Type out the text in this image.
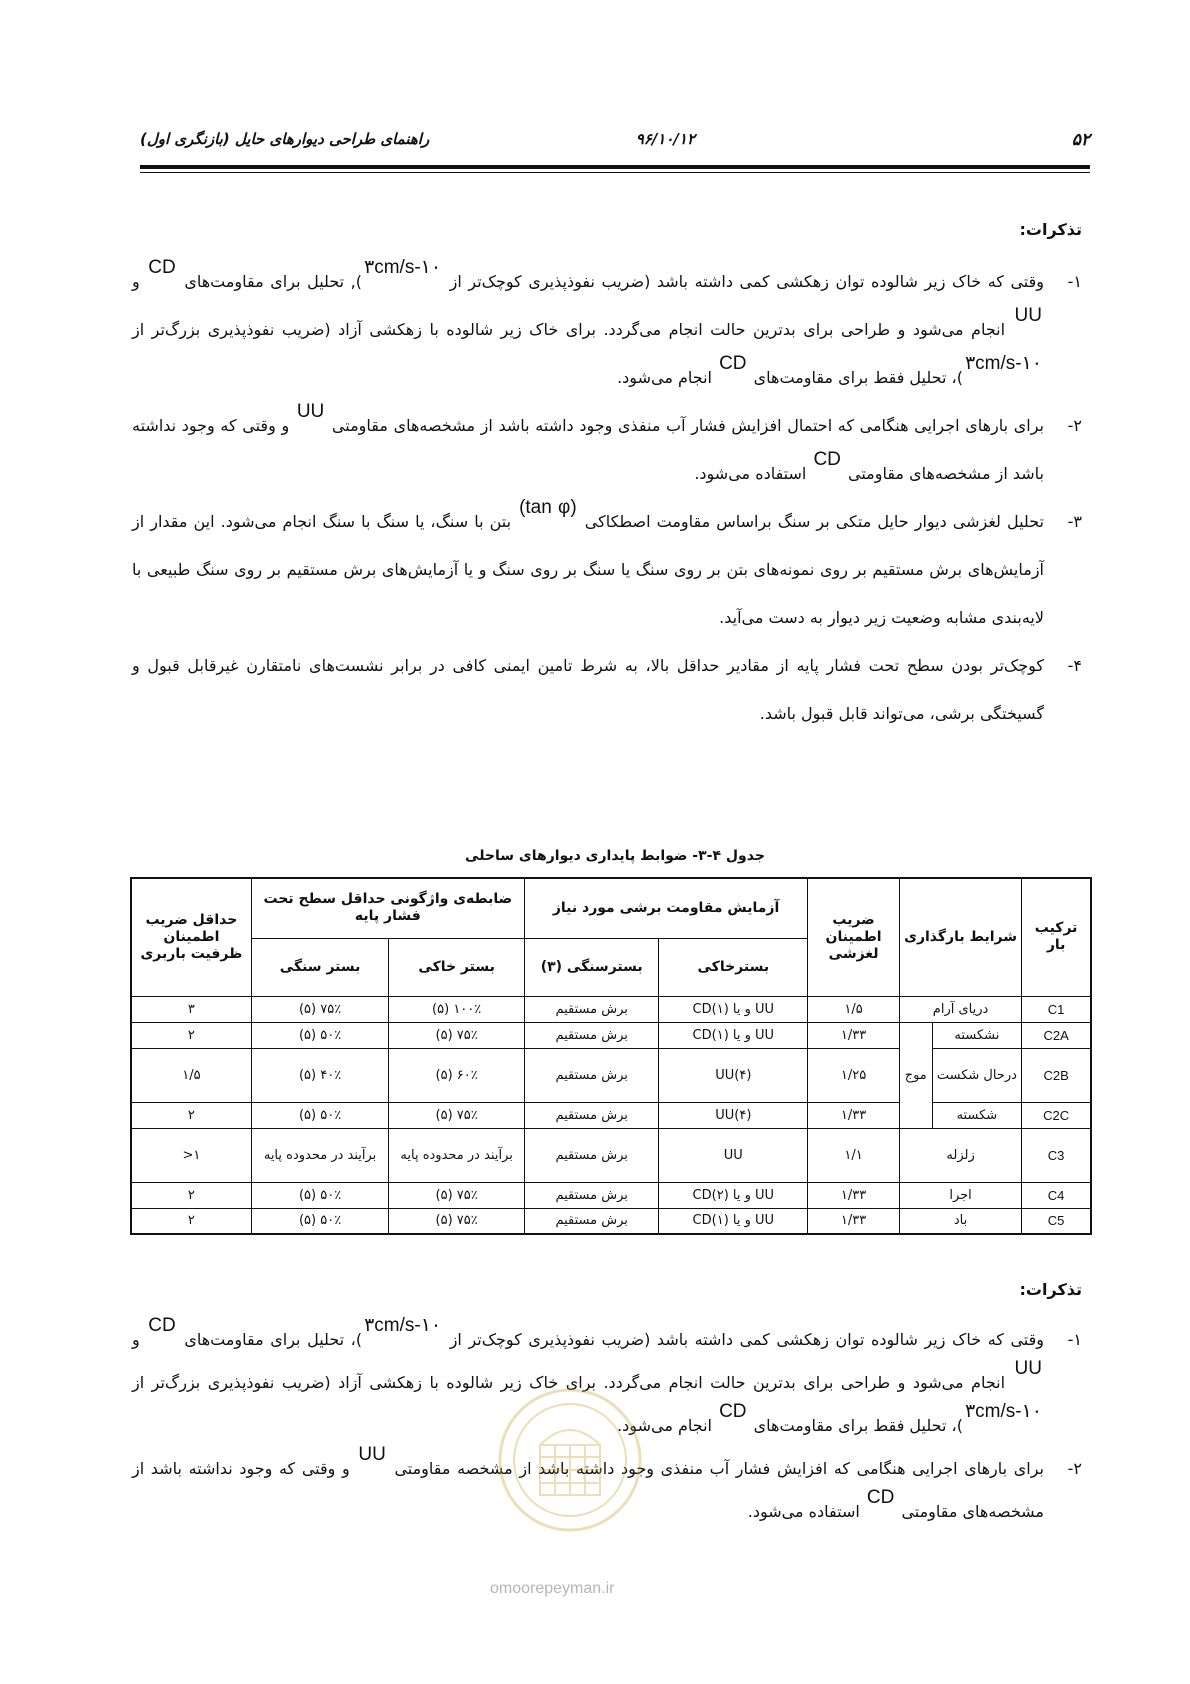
۵۲
۹۶/۱۰/۱۲
راهنمای طراحی دیوارهای حایل (بازنگری اول)
تذکرات:
۱-
وقتی که خاک زیر شالوده توان زهکشی کمی داشته باشد (ضریب نفوذپذیری کوچک‌تر از ۱۰-۳cm/s), تحلیل برای مقاومت‌های CD و UU انجام می‌شود و طراحی برای بدترین حالت انجام می‌گردد. برای خاک زیر شالوده با زهکشی آزاد (ضریب نفوذپذیری بزرگ‌تر از ۱۰-۳cm/s)، تحلیل فقط برای مقاومت‌های CD انجام می‌شود.
۲-
برای بارهای اجرایی هنگامی که احتمال افزایش فشار آب منفذی وجود داشته باشد از مشخصه‌های مقاومتی UU و وقتی که وجود نداشته باشد از مشخصه‌های مقاومتی CD استفاده می‌شود.
۳-
تحلیل لغزشی دیوار حایل متکی بر سنگ براساس مقاومت اصطکاکی (tan φ) بتن با سنگ، یا سنگ با سنگ انجام می‌شود. این مقدار از آزمایش‌های برش مستقیم بر روی نمونه‌های بتن بر روی سنگ یا سنگ بر روی سنگ و یا آزمایش‌های برش مستقیم بر روی سنگ طبیعی با لایه‌بندی مشابه وضعیت زیر دیوار به دست می‌آید.
۴-
کوچک‌تر بودن سطح تحت فشار پایه از مقادیر حداقل بالا، به شرط تامین ایمنی کافی در برابر نشست‌های نامتقارن غیرقابل قبول و گسیختگی برشی، می‌تواند قابل قبول باشد.
جدول ۴-۳- ضوابط پایداری دیوارهای ساحلی
ترکیب بار	شرایط بارگذاری		ضریب اطمینان لغزشی	آزمایش مقاومت برشی مورد نیاز		ضابطه‌ی واژگونی حداقل سطح تحت فشار پایه		حداقل ضریب اطمینان ظرفیت باربری
				بسترخاکی	بسترسنگی (۳)	بستر خاکی	بستر سنگی	
C1	دریای آرام		۱/۵	UU و یا CD(۱)	برش مستقیم	۱۰۰٪ (۵)	۷۵٪ (۵)	۳
C2A	نشکسته	موج	۱/۳۳	UU و یا CD(۱)	برش مستقیم	۷۵٪ (۵)	۵۰٪ (۵)	۲
C2B	درحال شکست		۱/۲۵	UU(۴)	برش مستقیم	۶۰٪ (۵)	۴۰٪ (۵)	۱/۵
C2C	شکسته		۱/۳۳	UU(۴)	برش مستقیم	۷۵٪ (۵)	۵۰٪ (۵)	۲
C3	زلزله		۱/۱	UU	برش مستقیم	برآیند در محدوده پایه	برآیند در محدوده پایه	۱<
C4	اجرا		۱/۳۳	UU و یا CD(۲)	برش مستقیم	۷۵٪ (۵)	۵۰٪ (۵)	۲
C5	باد		۱/۳۳	UU و یا CD(۱)	برش مستقیم	۷۵٪ (۵)	۵۰٪ (۵)	۲
تذکرات:
۱-
وقتی که خاک زیر شالوده توان زهکشی کمی داشته باشد (ضریب نفوذپذیری کوچک‌تر از ۱۰-۳cm/s)، تحلیل برای مقاومت‌های CD و UU انجام می‌شود و طراحی برای بدترین حالت انجام می‌گردد. برای خاک زیر شالوده با زهکشی آزاد (ضریب نفوذپذیری بزرگ‌تر از ۱۰-۳cm/s)، تحلیل فقط برای مقاومت‌های CD انجام می‌شود.
۲-
برای بارهای اجرایی هنگامی که افزایش فشار آب منفذی وجود داشته باشد از مشخصه مقاومتی UU و وقتی که وجود نداشته باشد از مشخصه‌های مقاومتی CD استفاده می‌شود.
omoorepeyman.ir
